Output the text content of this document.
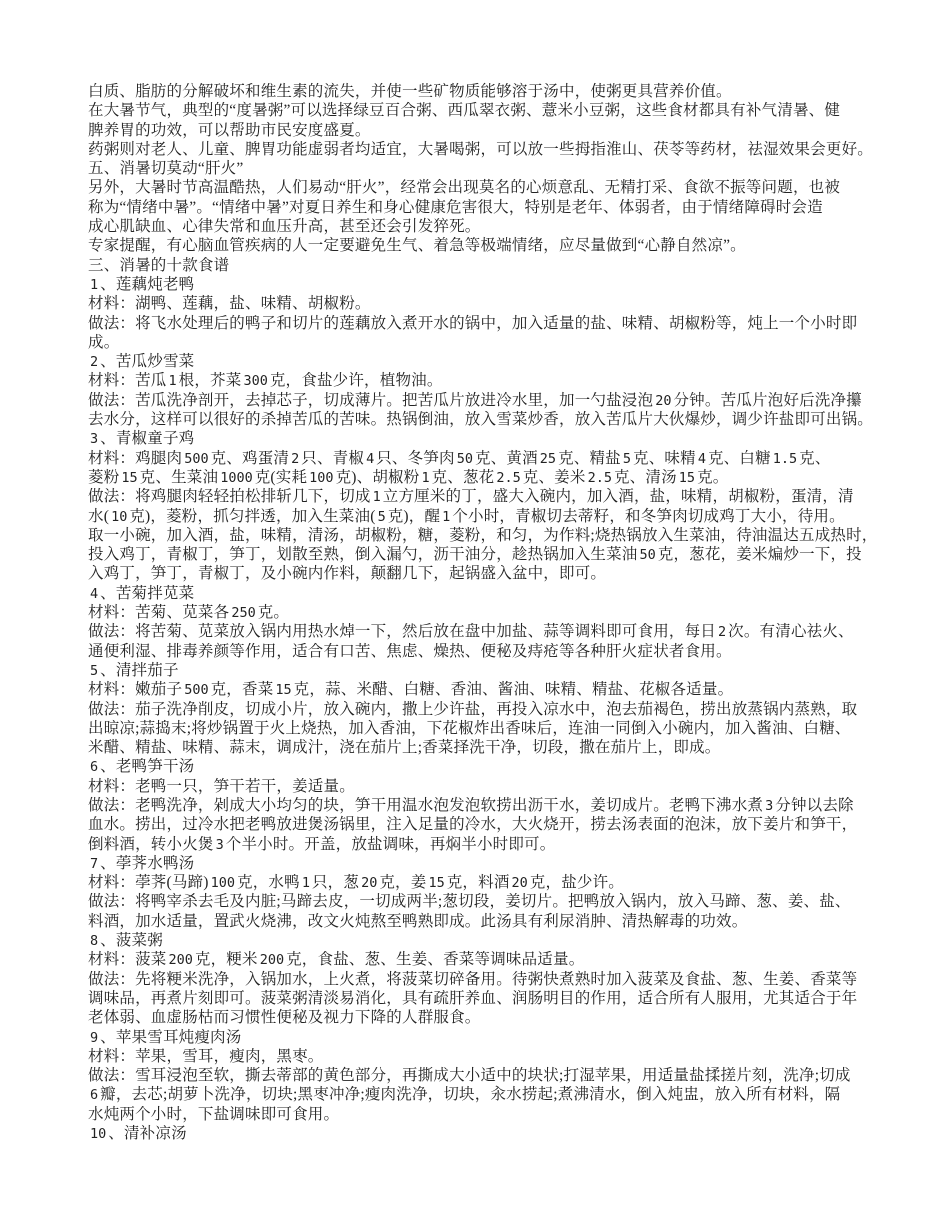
白质、脂肪的分解破坏和维生素的流失，并使一些矿物质能够溶于汤中，使粥更具营养价值。
在大暑节气，典型的“度暑粥”可以选择绿豆百合粥、西瓜翠衣粥、薏米小豆粥，这些食材都具有补气清暑、健
脾养胃的功效，可以帮助市民安度盛夏。
药粥则对老人、儿童、脾胃功能虚弱者均适宜，大暑喝粥，可以放一些拇指淮山、茯苓等药材，祛湿效果会更好。
五、消暑切莫动“肝火”
另外，大暑时节高温酷热，人们易动“肝火”，经常会出现莫名的心烦意乱、无精打采、食欲不振等问题，也被
称为“情绪中暑”。“情绪中暑”对夏日养生和身心健康危害很大，特别是老年、体弱者，由于情绪障碍时会造
成心肌缺血、心律失常和血压升高，甚至还会引发猝死。
专家提醒，有心脑血管疾病的人一定要避免生气、着急等极端情绪，应尽量做到“心静自然凉”。
三、消暑的十款食谱
1 、莲藕炖老鸭
材料：湖鸭、莲藕，盐、味精、胡椒粉。
做法：将飞水处理后的鸭子和切片的莲藕放入煮开水的锅中，加入适量的盐、味精、胡椒粉等，炖上一个小时即
成。
2 、苦瓜炒雪菜
材料：苦瓜 1 根，芥菜 300 克，食盐少许，植物油。
做法：苦瓜洗净剖开，去掉芯子，切成薄片。把苦瓜片放进冷水里，加一勺盐浸泡 20 分钟。苦瓜片泡好后洗净攥
去水分，这样可以很好的杀掉苦瓜的苦味。热锅倒油，放入雪菜炒香，放入苦瓜片大伙爆炒，调少许盐即可出锅。
3 、青椒童子鸡
材料：鸡腿肉 500 克、鸡蛋清 2 只、青椒 4 只、冬笋肉 50 克、黄酒 25 克、精盐 5 克、味精 4 克、白糖 1.5 克、
菱粉 15 克、生菜油 1000 克(实耗 100 克)、胡椒粉 1 克、葱花 2.5 克、姜米 2.5 克、清汤 15 克。
做法：将鸡腿肉轻轻拍松排斩几下，切成 1 立方厘米的丁，盛大入碗内，加入酒，盐，味精，胡椒粉，蛋清，清
水( 10 克)，菱粉，抓匀拌透，加入生菜油( 5 克)，醒 1 个小时，青椒切去蒂籽，和冬笋肉切成鸡丁大小，待用。
取一小碗，加入酒，盐，味精，清汤，胡椒粉，糖，菱粉，和匀，为作料;烧热锅放入生菜油，待油温达五成热时，
投入鸡丁，青椒丁，笋丁，划散至熟，倒入漏勺，沥干油分，趁热锅加入生菜油 50 克，葱花，姜米煸炒一下，投
入鸡丁，笋丁，青椒丁，及小碗内作料，颠翻几下，起锅盛入盆中，即可。
4 、苦菊拌苋菜
材料：苦菊、苋菜各 250 克。
做法：将苦菊、苋菜放入锅内用热水焯一下，然后放在盘中加盐、蒜等调料即可食用，每日 2 次。有清心祛火、
通便利湿、排毒养颜等作用，适合有口苦、焦虑、燥热、便秘及痔疮等各种肝火症状者食用。
5 、清拌茄子
材料：嫩茄子 500 克，香菜 15 克，蒜、米醋、白糖、香油、酱油、味精、精盐、花椒各适量。
做法：茄子洗净削皮，切成小片，放入碗内，撒上少许盐，再投入凉水中，泡去茄褐色，捞出放蒸锅内蒸熟，取
出晾凉;蒜捣末;将炒锅置于火上烧热，加入香油，下花椒炸出香味后，连油一同倒入小碗内，加入酱油、白糖、
米醋、精盐、味精、蒜末，调成汁，浇在茄片上;香菜择洗干净，切段，撒在茄片上，即成。
6 、老鸭笋干汤
材料：老鸭一只，笋干若干，姜适量。
做法：老鸭洗净，剁成大小均匀的块，笋干用温水泡发泡软捞出沥干水，姜切成片。老鸭下沸水煮 3 分钟以去除
血水。捞出，过冷水把老鸭放进煲汤锅里，注入足量的冷水，大火烧开，捞去汤表面的泡沫，放下姜片和笋干，
倒料酒，转小火煲 3 个半小时。开盖，放盐调味，再焖半小时即可。
7 、荸荠水鸭汤
材料：荸荠(马蹄) 100 克，水鸭 1 只，葱 20 克，姜 15 克，料酒 20 克，盐少许。
做法：将鸭宰杀去毛及内脏;马蹄去皮，一切成两半;葱切段，姜切片。把鸭放入锅内，放入马蹄、葱、姜、盐、
料酒，加水适量，置武火烧沸，改文火炖熬至鸭熟即成。此汤具有利尿消肿、清热解毒的功效。
8 、菠菜粥
材料：菠菜 200 克，粳米 200 克，食盐、葱、生姜、香菜等调味品适量。
做法：先将粳米洗净，入锅加水，上火煮，将菠菜切碎备用。待粥快煮熟时加入菠菜及食盐、葱、生姜、香菜等
调味品，再煮片刻即可。菠菜粥清淡易消化，具有疏肝养血、润肠明目的作用，适合所有人服用，尤其适合于年
老体弱、血虚肠枯而习惯性便秘及视力下降的人群服食。
9 、苹果雪耳炖瘦肉汤
材料：苹果，雪耳，瘦肉，黑枣。
做法：雪耳浸泡至软，撕去蒂部的黄色部分，再撕成大小适中的块状;打湿苹果，用适量盐揉搓片刻，洗净;切成
6 瓣，去芯;胡萝卜洗净，切块;黑枣冲净;瘦肉洗净，切块，汆水捞起;煮沸清水，倒入炖盅，放入所有材料，隔
水炖两个小时，下盐调味即可食用。
10 、清补凉汤
